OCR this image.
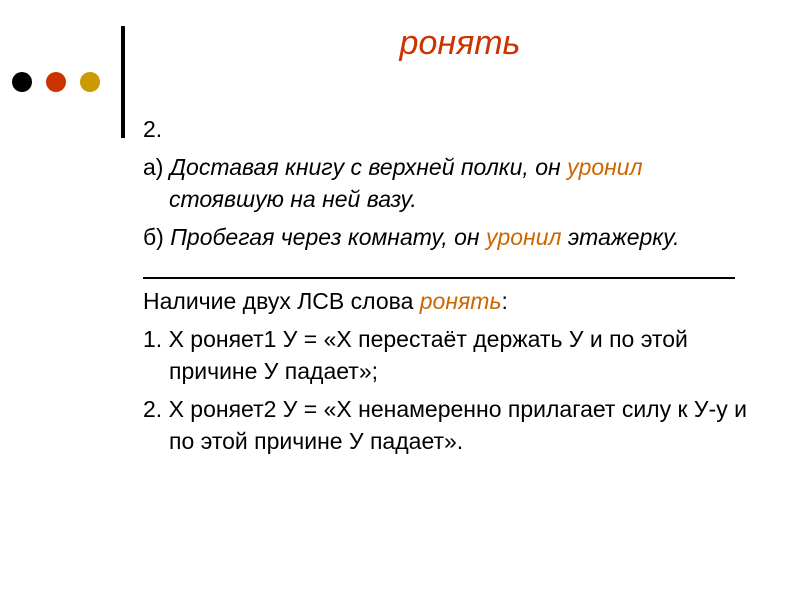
ронять
2.
а) Доставая книгу с верхней полки, он уронил стоявшую на ней вазу.
б) Пробегая через комнату, он уронил этажерку.
Наличие двух ЛСВ слова ронять:
1. Х роняет1 У = «Х перестаёт держать У и по этой причине У падает»;
2. Х роняет2 У = «Х ненамеренно прилагает силу к У-у и по этой причине У падает».
